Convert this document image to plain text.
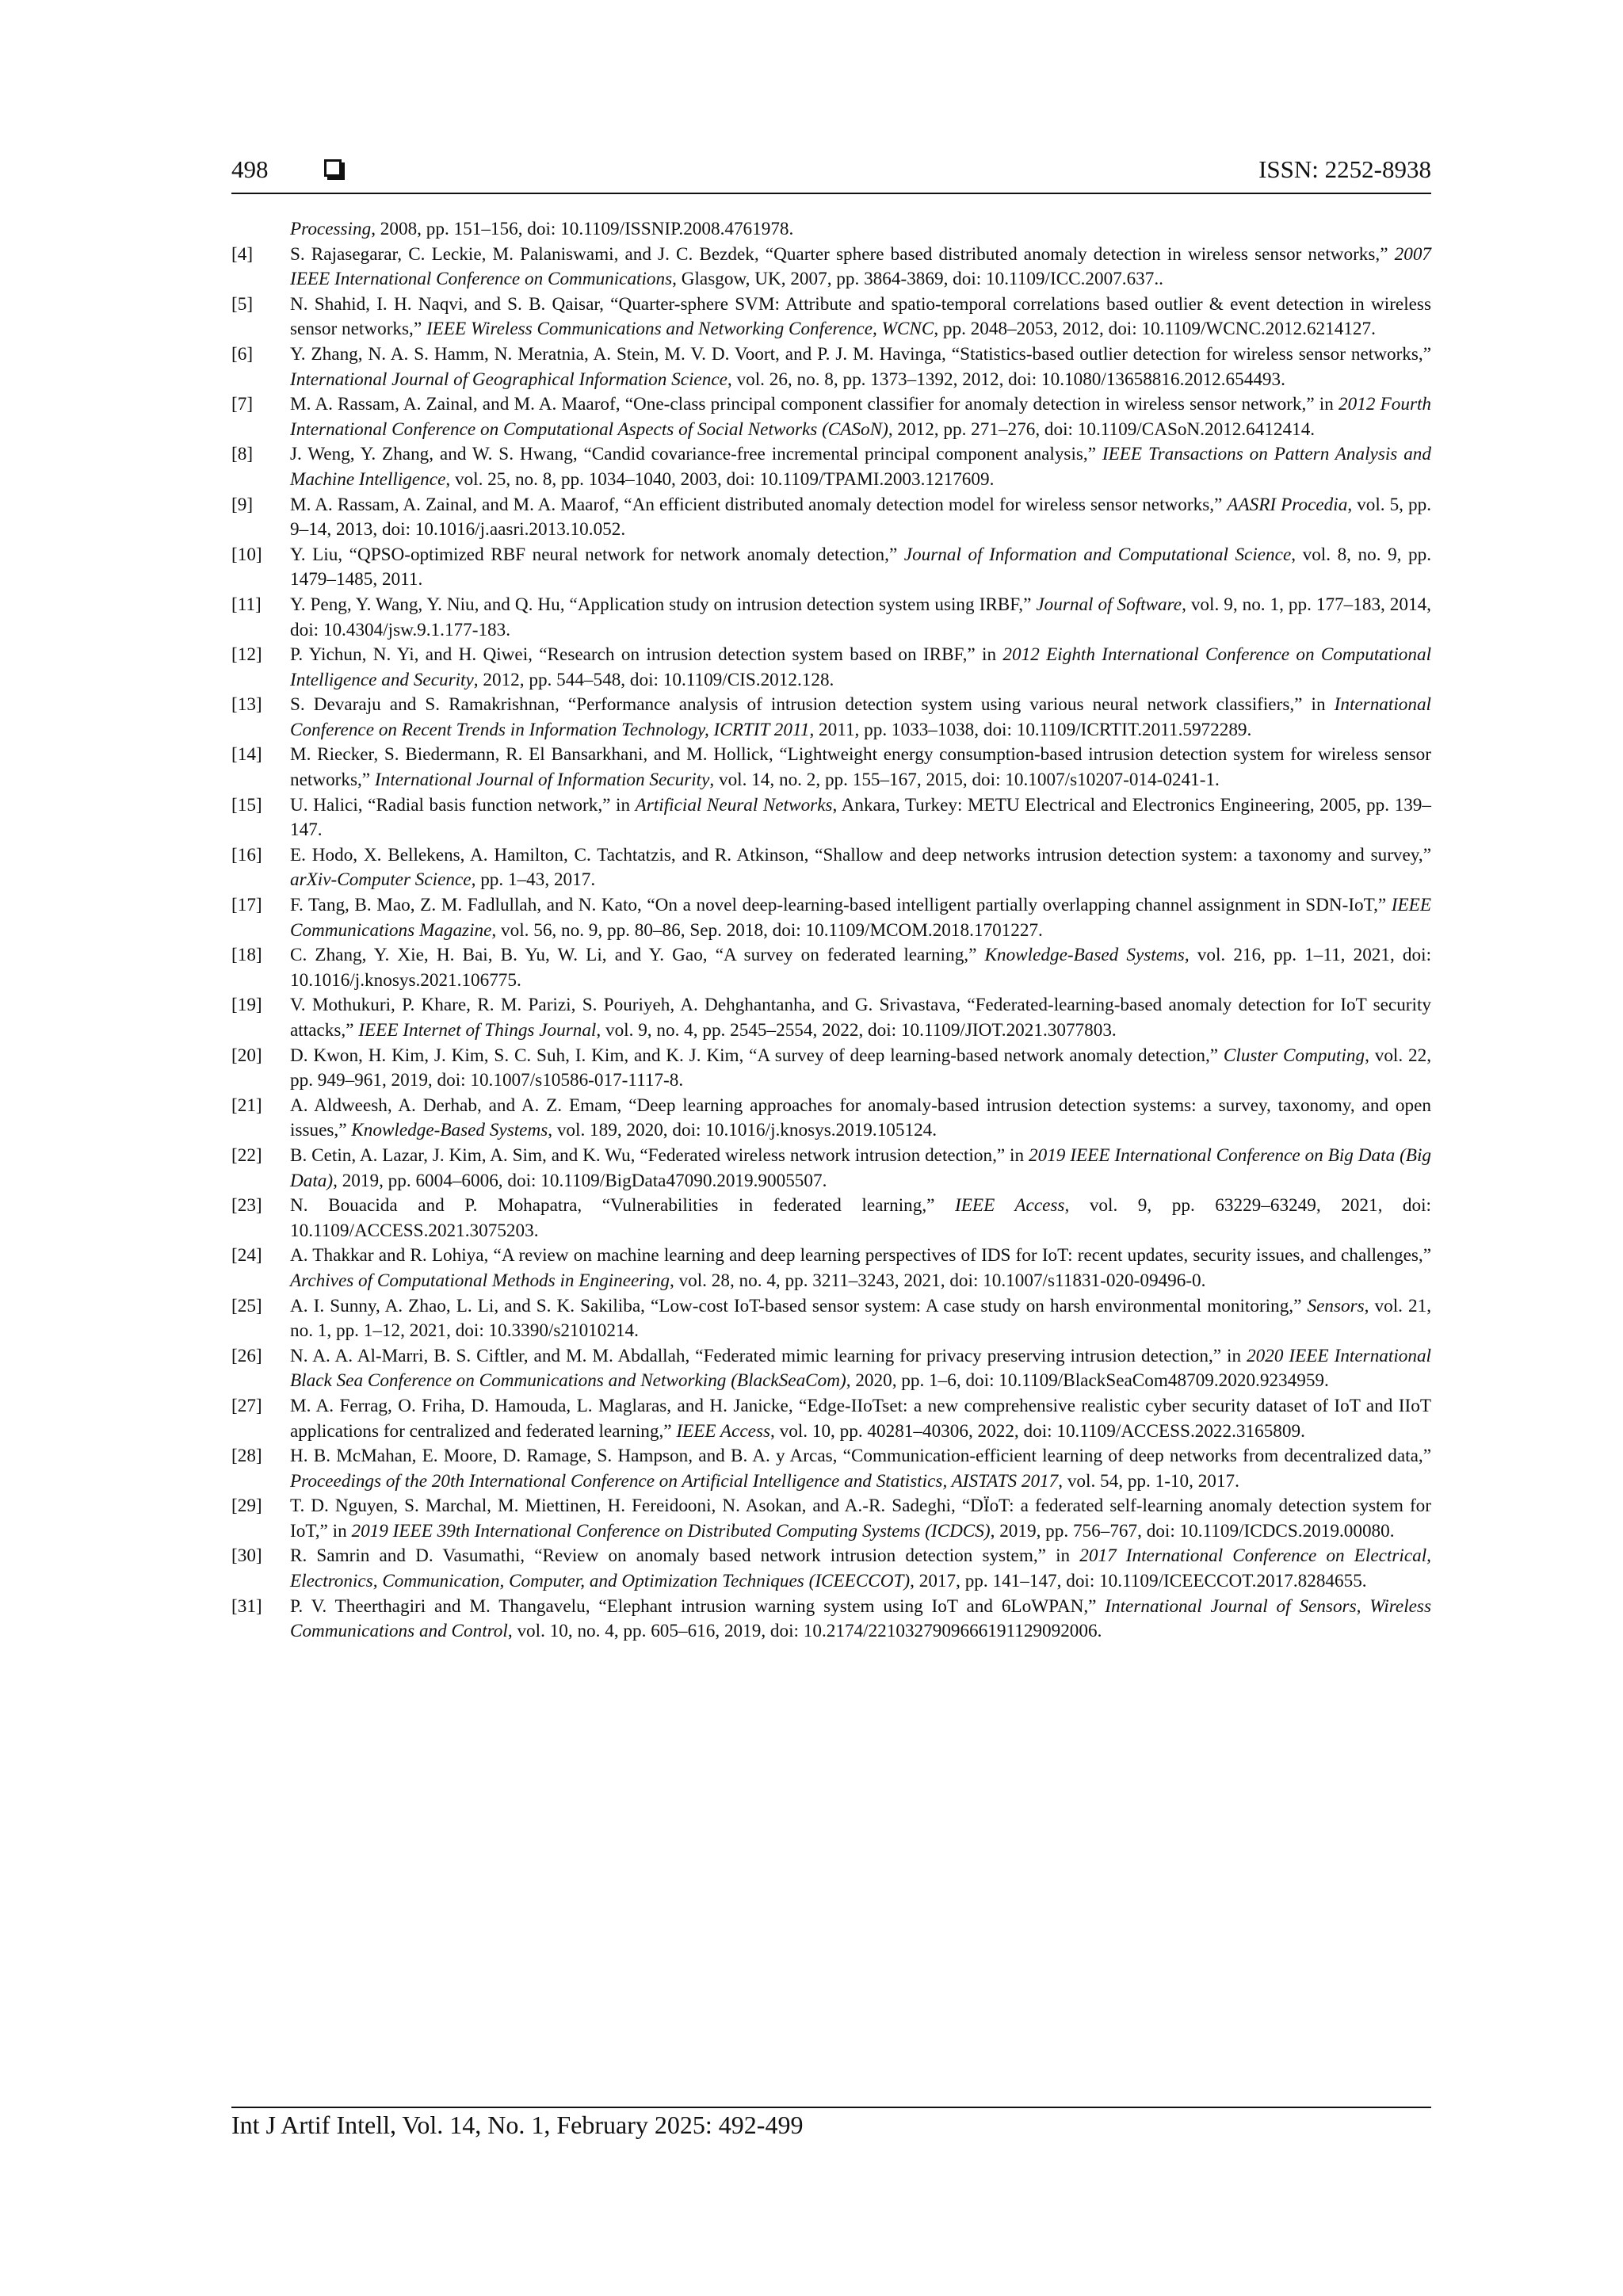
498	ISSN: 2252-8938
Processing, 2008, pp. 151–156, doi: 10.1109/ISSNIP.2008.4761978.
[4] S. Rajasegarar, C. Leckie, M. Palaniswami, and J. C. Bezdek, “Quarter sphere based distributed anomaly detection in wireless sensor networks,” 2007 IEEE International Conference on Communications, Glasgow, UK, 2007, pp. 3864-3869, doi: 10.1109/ICC.2007.637..
[5] N. Shahid, I. H. Naqvi, and S. B. Qaisar, “Quarter-sphere SVM: Attribute and spatio-temporal correlations based outlier & event detection in wireless sensor networks,” IEEE Wireless Communications and Networking Conference, WCNC, pp. 2048–2053, 2012, doi: 10.1109/WCNC.2012.6214127.
[6] Y. Zhang, N. A. S. Hamm, N. Meratnia, A. Stein, M. V. D. Voort, and P. J. M. Havinga, “Statistics-based outlier detection for wireless sensor networks,” International Journal of Geographical Information Science, vol. 26, no. 8, pp. 1373–1392, 2012, doi: 10.1080/13658816.2012.654493.
[7] M. A. Rassam, A. Zainal, and M. A. Maarof, “One-class principal component classifier for anomaly detection in wireless sensor network,” in 2012 Fourth International Conference on Computational Aspects of Social Networks (CASoN), 2012, pp. 271–276, doi: 10.1109/CASoN.2012.6412414.
[8] J. Weng, Y. Zhang, and W. S. Hwang, “Candid covariance-free incremental principal component analysis,” IEEE Transactions on Pattern Analysis and Machine Intelligence, vol. 25, no. 8, pp. 1034–1040, 2003, doi: 10.1109/TPAMI.2003.1217609.
[9] M. A. Rassam, A. Zainal, and M. A. Maarof, “An efficient distributed anomaly detection model for wireless sensor networks,” AASRI Procedia, vol. 5, pp. 9–14, 2013, doi: 10.1016/j.aasri.2013.10.052.
[10] Y. Liu, “QPSO-optimized RBF neural network for network anomaly detection,” Journal of Information and Computational Science, vol. 8, no. 9, pp. 1479–1485, 2011.
[11] Y. Peng, Y. Wang, Y. Niu, and Q. Hu, “Application study on intrusion detection system using IRBF,” Journal of Software, vol. 9, no. 1, pp. 177–183, 2014, doi: 10.4304/jsw.9.1.177-183.
[12] P. Yichun, N. Yi, and H. Qiwei, “Research on intrusion detection system based on IRBF,” in 2012 Eighth International Conference on Computational Intelligence and Security, 2012, pp. 544–548, doi: 10.1109/CIS.2012.128.
[13] S. Devaraju and S. Ramakrishnan, “Performance analysis of intrusion detection system using various neural network classifiers,” in International Conference on Recent Trends in Information Technology, ICRTIT 2011, 2011, pp. 1033–1038, doi: 10.1109/ICRTIT.2011.5972289.
[14] M. Riecker, S. Biedermann, R. El Bansarkhani, and M. Hollick, “Lightweight energy consumption-based intrusion detection system for wireless sensor networks,” International Journal of Information Security, vol. 14, no. 2, pp. 155–167, 2015, doi: 10.1007/s10207-014-0241-1.
[15] U. Halici, “Radial basis function network,” in Artificial Neural Networks, Ankara, Turkey: METU Electrical and Electronics Engineering, 2005, pp. 139–147.
[16] E. Hodo, X. Bellekens, A. Hamilton, C. Tachtatzis, and R. Atkinson, “Shallow and deep networks intrusion detection system: a taxonomy and survey,” arXiv-Computer Science, pp. 1–43, 2017.
[17] F. Tang, B. Mao, Z. M. Fadlullah, and N. Kato, “On a novel deep-learning-based intelligent partially overlapping channel assignment in SDN-IoT,” IEEE Communications Magazine, vol. 56, no. 9, pp. 80–86, Sep. 2018, doi: 10.1109/MCOM.2018.1701227.
[18] C. Zhang, Y. Xie, H. Bai, B. Yu, W. Li, and Y. Gao, “A survey on federated learning,” Knowledge-Based Systems, vol. 216, pp. 1–11, 2021, doi: 10.1016/j.knosys.2021.106775.
[19] V. Mothukuri, P. Khare, R. M. Parizi, S. Pouriyeh, A. Dehghantanha, and G. Srivastava, “Federated-learning-based anomaly detection for IoT security attacks,” IEEE Internet of Things Journal, vol. 9, no. 4, pp. 2545–2554, 2022, doi: 10.1109/JIOT.2021.3077803.
[20] D. Kwon, H. Kim, J. Kim, S. C. Suh, I. Kim, and K. J. Kim, “A survey of deep learning-based network anomaly detection,” Cluster Computing, vol. 22, pp. 949–961, 2019, doi: 10.1007/s10586-017-1117-8.
[21] A. Aldweesh, A. Derhab, and A. Z. Emam, “Deep learning approaches for anomaly-based intrusion detection systems: a survey, taxonomy, and open issues,” Knowledge-Based Systems, vol. 189, 2020, doi: 10.1016/j.knosys.2019.105124.
[22] B. Cetin, A. Lazar, J. Kim, A. Sim, and K. Wu, “Federated wireless network intrusion detection,” in 2019 IEEE International Conference on Big Data (Big Data), 2019, pp. 6004–6006, doi: 10.1109/BigData47090.2019.9005507.
[23] N. Bouacida and P. Mohapatra, “Vulnerabilities in federated learning,” IEEE Access, vol. 9, pp. 63229–63249, 2021, doi: 10.1109/ACCESS.2021.3075203.
[24] A. Thakkar and R. Lohiya, “A review on machine learning and deep learning perspectives of IDS for IoT: recent updates, security issues, and challenges,” Archives of Computational Methods in Engineering, vol. 28, no. 4, pp. 3211–3243, 2021, doi: 10.1007/s11831-020-09496-0.
[25] A. I. Sunny, A. Zhao, L. Li, and S. K. Sakiliba, “Low-cost IoT-based sensor system: A case study on harsh environmental monitoring,” Sensors, vol. 21, no. 1, pp. 1–12, 2021, doi: 10.3390/s21010214.
[26] N. A. A. Al-Marri, B. S. Ciftler, and M. M. Abdallah, “Federated mimic learning for privacy preserving intrusion detection,” in 2020 IEEE International Black Sea Conference on Communications and Networking (BlackSeaCom), 2020, pp. 1–6, doi: 10.1109/BlackSeaCom48709.2020.9234959.
[27] M. A. Ferrag, O. Friha, D. Hamouda, L. Maglaras, and H. Janicke, “Edge-IIoTset: a new comprehensive realistic cyber security dataset of IoT and IIoT applications for centralized and federated learning,” IEEE Access, vol. 10, pp. 40281–40306, 2022, doi: 10.1109/ACCESS.2022.3165809.
[28] H. B. McMahan, E. Moore, D. Ramage, S. Hampson, and B. A. y Arcas, “Communication-efficient learning of deep networks from decentralized data,” Proceedings of the 20th International Conference on Artificial Intelligence and Statistics, AISTATS 2017, vol. 54, pp. 1-10, 2017.
[29] T. D. Nguyen, S. Marchal, M. Miettinen, H. Fereidooni, N. Asokan, and A.-R. Sadeghi, “DÏoT: a federated self-learning anomaly detection system for IoT,” in 2019 IEEE 39th International Conference on Distributed Computing Systems (ICDCS), 2019, pp. 756–767, doi: 10.1109/ICDCS.2019.00080.
[30] R. Samrin and D. Vasumathi, “Review on anomaly based network intrusion detection system,” in 2017 International Conference on Electrical, Electronics, Communication, Computer, and Optimization Techniques (ICEECCOT), 2017, pp. 141–147, doi: 10.1109/ICEECCOT.2017.8284655.
[31] P. V. Theerthagiri and M. Thangavelu, “Elephant intrusion warning system using IoT and 6LoWPAN,” International Journal of Sensors, Wireless Communications and Control, vol. 10, no. 4, pp. 605–616, 2019, doi: 10.2174/2210327909666191129092006.
Int J Artif Intell, Vol. 14, No. 1, February 2025: 492-499
